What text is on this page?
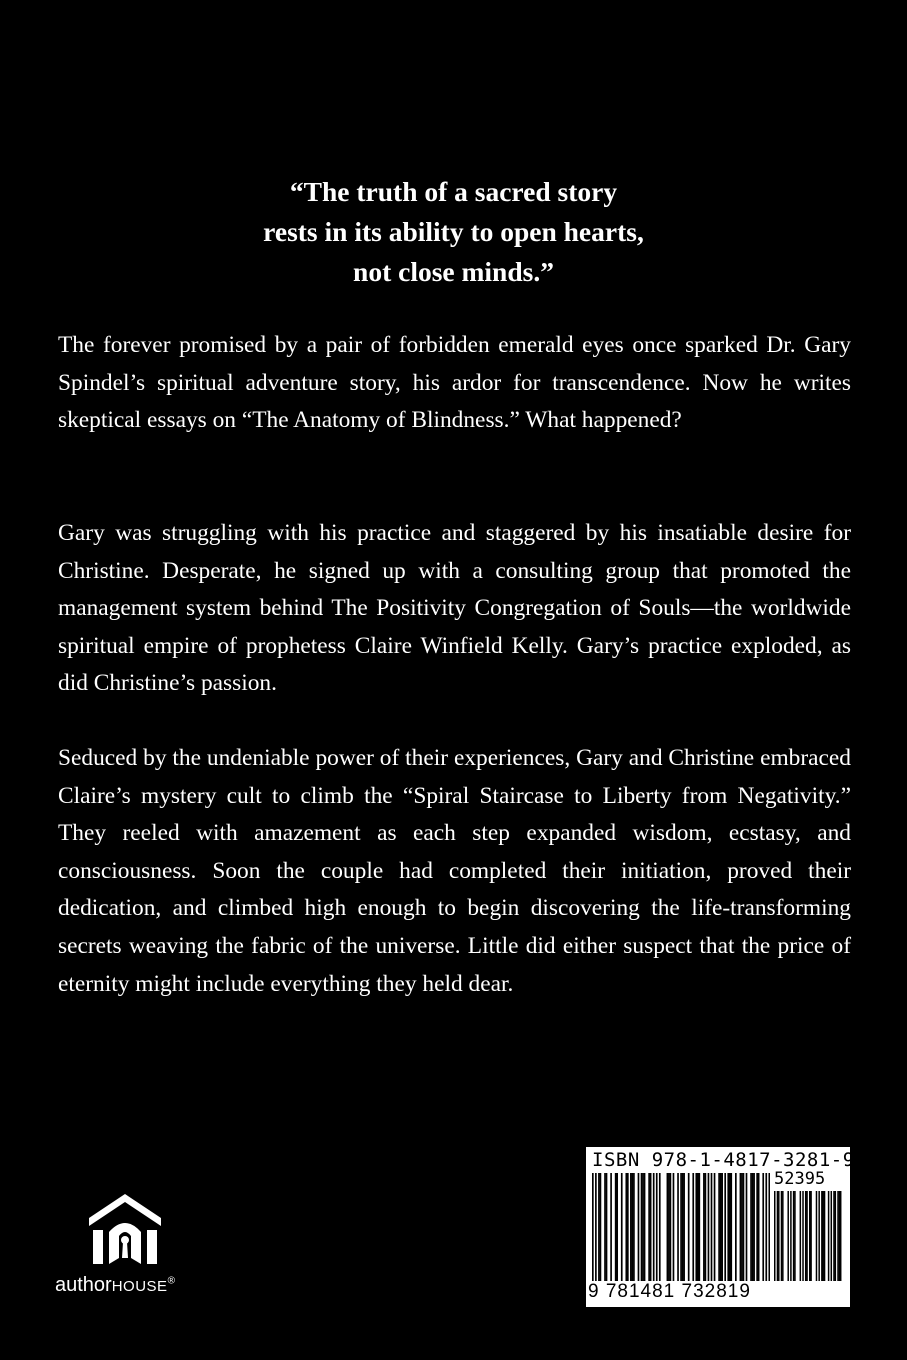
“The truth of a sacred story
rests in its ability to open hearts,
not close minds.”

The forever promised by a pair of forbidden emerald eyes once sparked Dr. Gary Spindel’s spiritual adventure story, his ardor for transcendence. Now he writes skeptical essays on “The Anatomy of Blindness.” What happened?

Gary was struggling with his practice and staggered by his insatiable desire for Christine. Desperate, he signed up with a consulting group that promoted the management system behind The Positivity Congregation of Souls—the worldwide spiritual empire of prophetess Claire Winfield Kelly. Gary’s practice exploded, as did Christine’s passion.

Seduced by the undeniable power of their experiences, Gary and Christine embraced Claire’s mystery cult to climb the “Spiral Staircase to Liberty from Negativity.” They reeled with amazement as each step expanded wisdom, ecstasy, and consciousness. Soon the couple had completed their initiation, proved their dedication, and climbed high enough to begin discovering the life-transforming secrets weaving the fabric of the universe. Little did either suspect that the price of eternity might include everything they held dear.

authorHOUSE®
ISBN 978-1-4817-3281-9
52395
9 781481 732819
